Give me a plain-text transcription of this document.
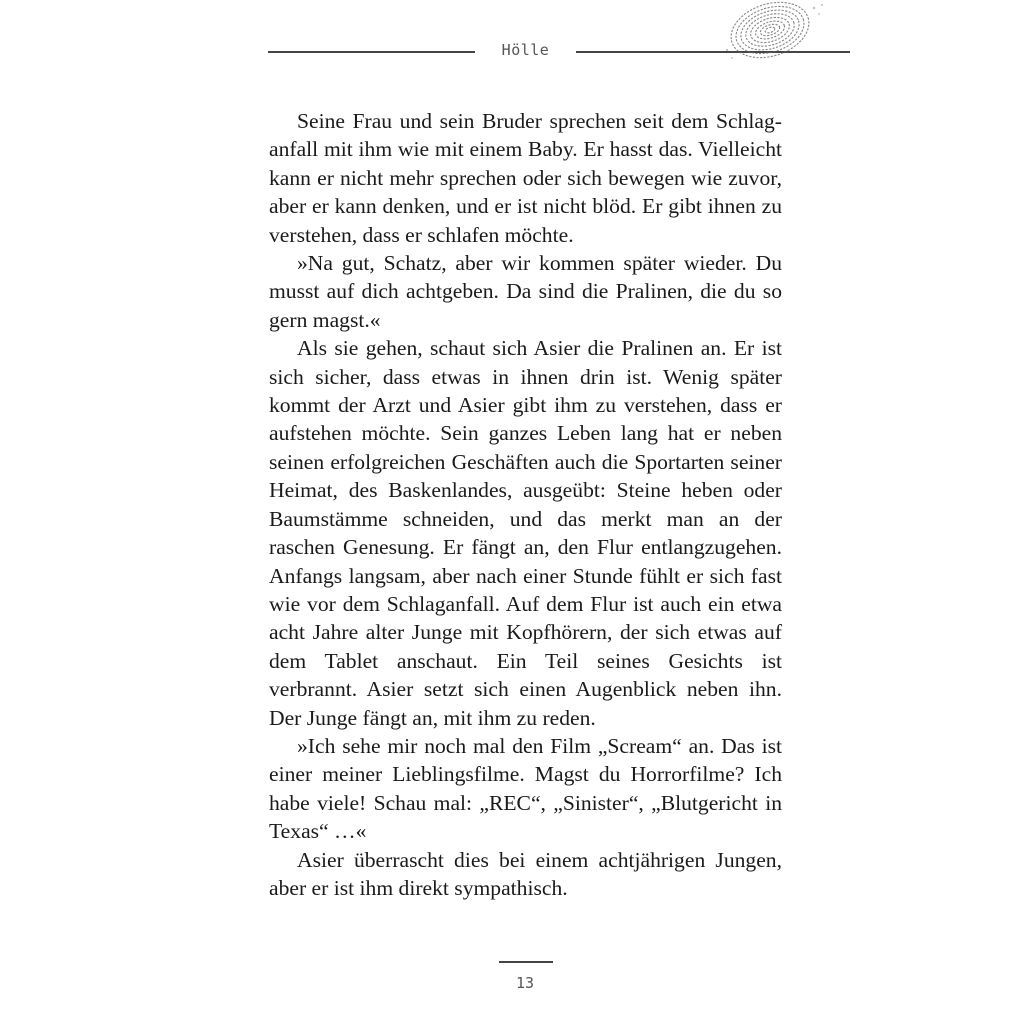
Hölle

Seine Frau und sein Bruder sprechen seit dem Schlaganfall mit ihm wie mit einem Baby. Er hasst das. Vielleicht kann er nicht mehr sprechen oder sich bewegen wie zuvor, aber er kann denken, und er ist nicht blöd. Er gibt ihnen zu verstehen, dass er schlafen möchte.

»Na gut, Schatz, aber wir kommen später wieder. Du musst auf dich achtgeben. Da sind die Pralinen, die du so gern magst.«

Als sie gehen, schaut sich Asier die Pralinen an. Er ist sich sicher, dass etwas in ihnen drin ist. Wenig später kommt der Arzt und Asier gibt ihm zu verstehen, dass er aufstehen möchte. Sein ganzes Leben lang hat er neben seinen erfolgreichen Geschäften auch die Sportarten seiner Heimat, des Baskenlandes, ausgeübt: Steine heben oder Baumstämme schneiden, und das merkt man an der raschen Genesung. Er fängt an, den Flur entlangzugehen. Anfangs langsam, aber nach einer Stunde fühlt er sich fast wie vor dem Schlaganfall. Auf dem Flur ist auch ein etwa acht Jahre alter Junge mit Kopfhörern, der sich etwas auf dem Tablet anschaut. Ein Teil seines Gesichts ist verbrannt. Asier setzt sich einen Augenblick neben ihn. Der Junge fängt an, mit ihm zu reden.

»Ich sehe mir noch mal den Film „Scream“ an. Das ist einer meiner Lieblingsfilme. Magst du Horrorfilme? Ich habe viele! Schau mal: „REC“, „Sinister“, „Blutgericht in Texas“ …«

Asier überrascht dies bei einem achtjährigen Jungen, aber er ist ihm direkt sympathisch.

13
